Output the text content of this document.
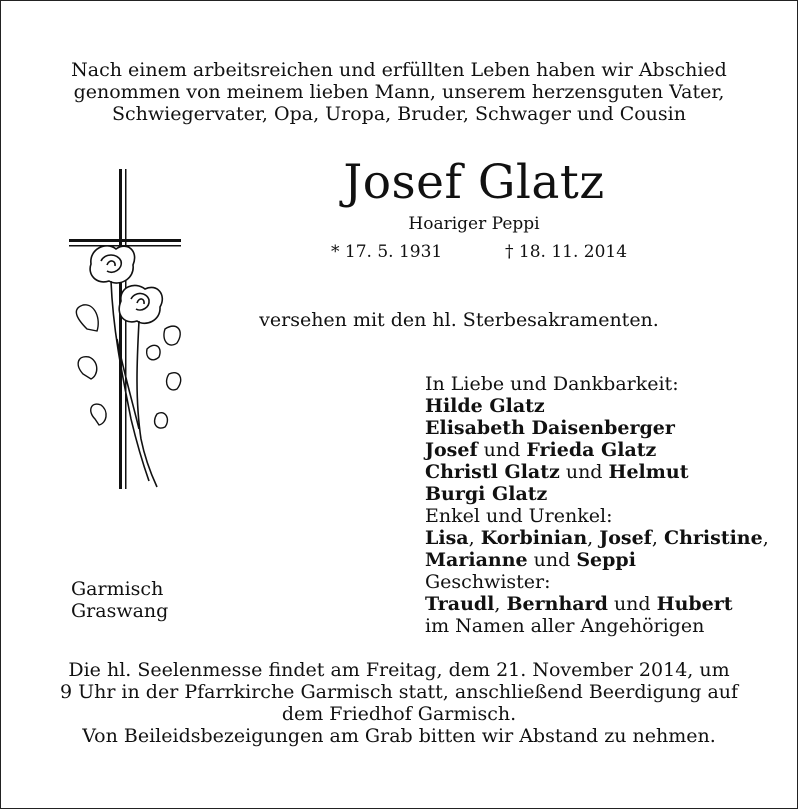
Nach einem arbeitsreichen und erfüllten Leben haben wir Abschied
genommen von meinem lieben Mann, unserem herzensguten Vater,
Schwiegervater, Opa, Uropa, Bruder, Schwager und Cousin
Josef Glatz
Hoariger Peppi
* 17. 5. 1931	† 18. 11. 2014
versehen mit den hl. Sterbesakramenten.
In Liebe und Dankbarkeit:
Hilde Glatz
Elisabeth Daisenberger
Josef und Frieda Glatz
Christl Glatz und Helmut
Burgi Glatz
Enkel und Urenkel:
Lisa, Korbinian, Josef, Christine,
Marianne und Seppi
Geschwister:
Traudl, Bernhard und Hubert
im Namen aller Angehörigen
Garmisch
Graswang
Die hl. Seelenmesse findet am Freitag, dem 21. November 2014, um
9 Uhr in der Pfarrkirche Garmisch statt, anschließend Beerdigung auf
dem Friedhof Garmisch.
Von Beileidsbezeigungen am Grab bitten wir Abstand zu nehmen.
